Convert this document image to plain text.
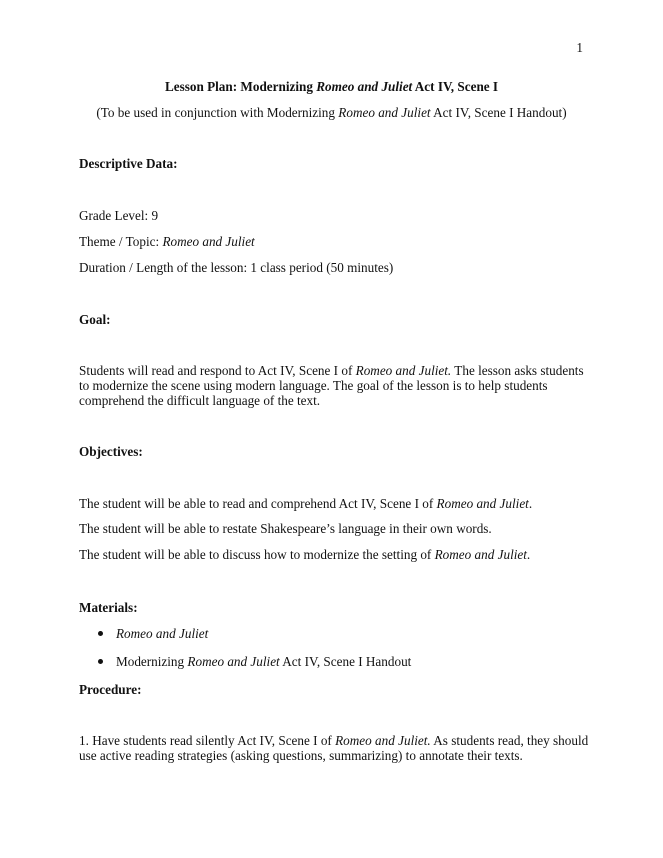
1
Lesson Plan: Modernizing Romeo and Juliet Act IV, Scene I
(To be used in conjunction with Modernizing Romeo and Juliet Act IV, Scene I Handout)
Descriptive Data:
Grade Level: 9
Theme / Topic: Romeo and Juliet
Duration / Length of the lesson: 1 class period (50 minutes)
Goal:
Students will read and respond to Act IV, Scene I of Romeo and Juliet. The lesson asks students to modernize the scene using modern language. The goal of the lesson is to help students comprehend the difficult language of the text.
Objectives:
The student will be able to read and comprehend Act IV, Scene I of Romeo and Juliet.
The student will be able to restate Shakespeare’s language in their own words.
The student will be able to discuss how to modernize the setting of Romeo and Juliet.
Materials:
Romeo and Juliet
Modernizing Romeo and Juliet Act IV, Scene I Handout
Procedure:
1. Have students read silently Act IV, Scene I of Romeo and Juliet. As students read, they should use active reading strategies (asking questions, summarizing) to annotate their texts.
